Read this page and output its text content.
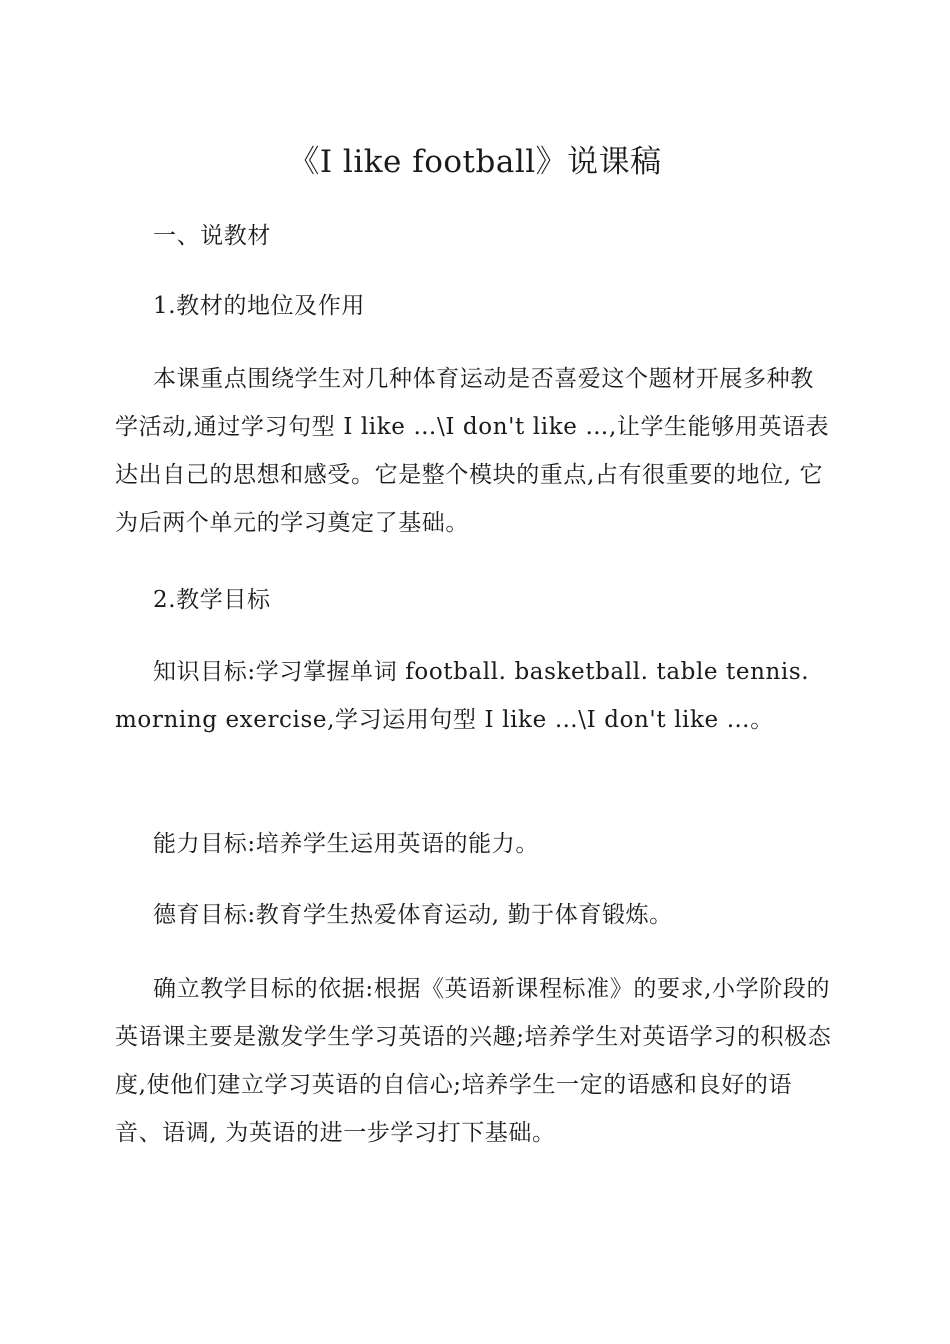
《I like football》说课稿

一、说教材

1.教材的地位及作用

本课重点围绕学生对几种体育运动是否喜爱这个题材开展多种教学活动,通过学习句型 I like …\I don't like …,让学生能够用英语表达出自己的思想和感受。它是整个模块的重点,占有很重要的地位, 它为后两个单元的学习奠定了基础。

2.教学目标

知识目标:学习掌握单词 football. basketball. table tennis. morning exercise,学习运用句型 I like …\I don't like …。

能力目标:培养学生运用英语的能力。

德育目标:教育学生热爱体育运动, 勤于体育锻炼。

确立教学目标的依据:根据《英语新课程标准》的要求,小学阶段的英语课主要是激发学生学习英语的兴趣;培养学生对英语学习的积极态度,使他们建立学习英语的自信心;培养学生一定的语感和良好的语音、语调, 为英语的进一步学习打下基础。
